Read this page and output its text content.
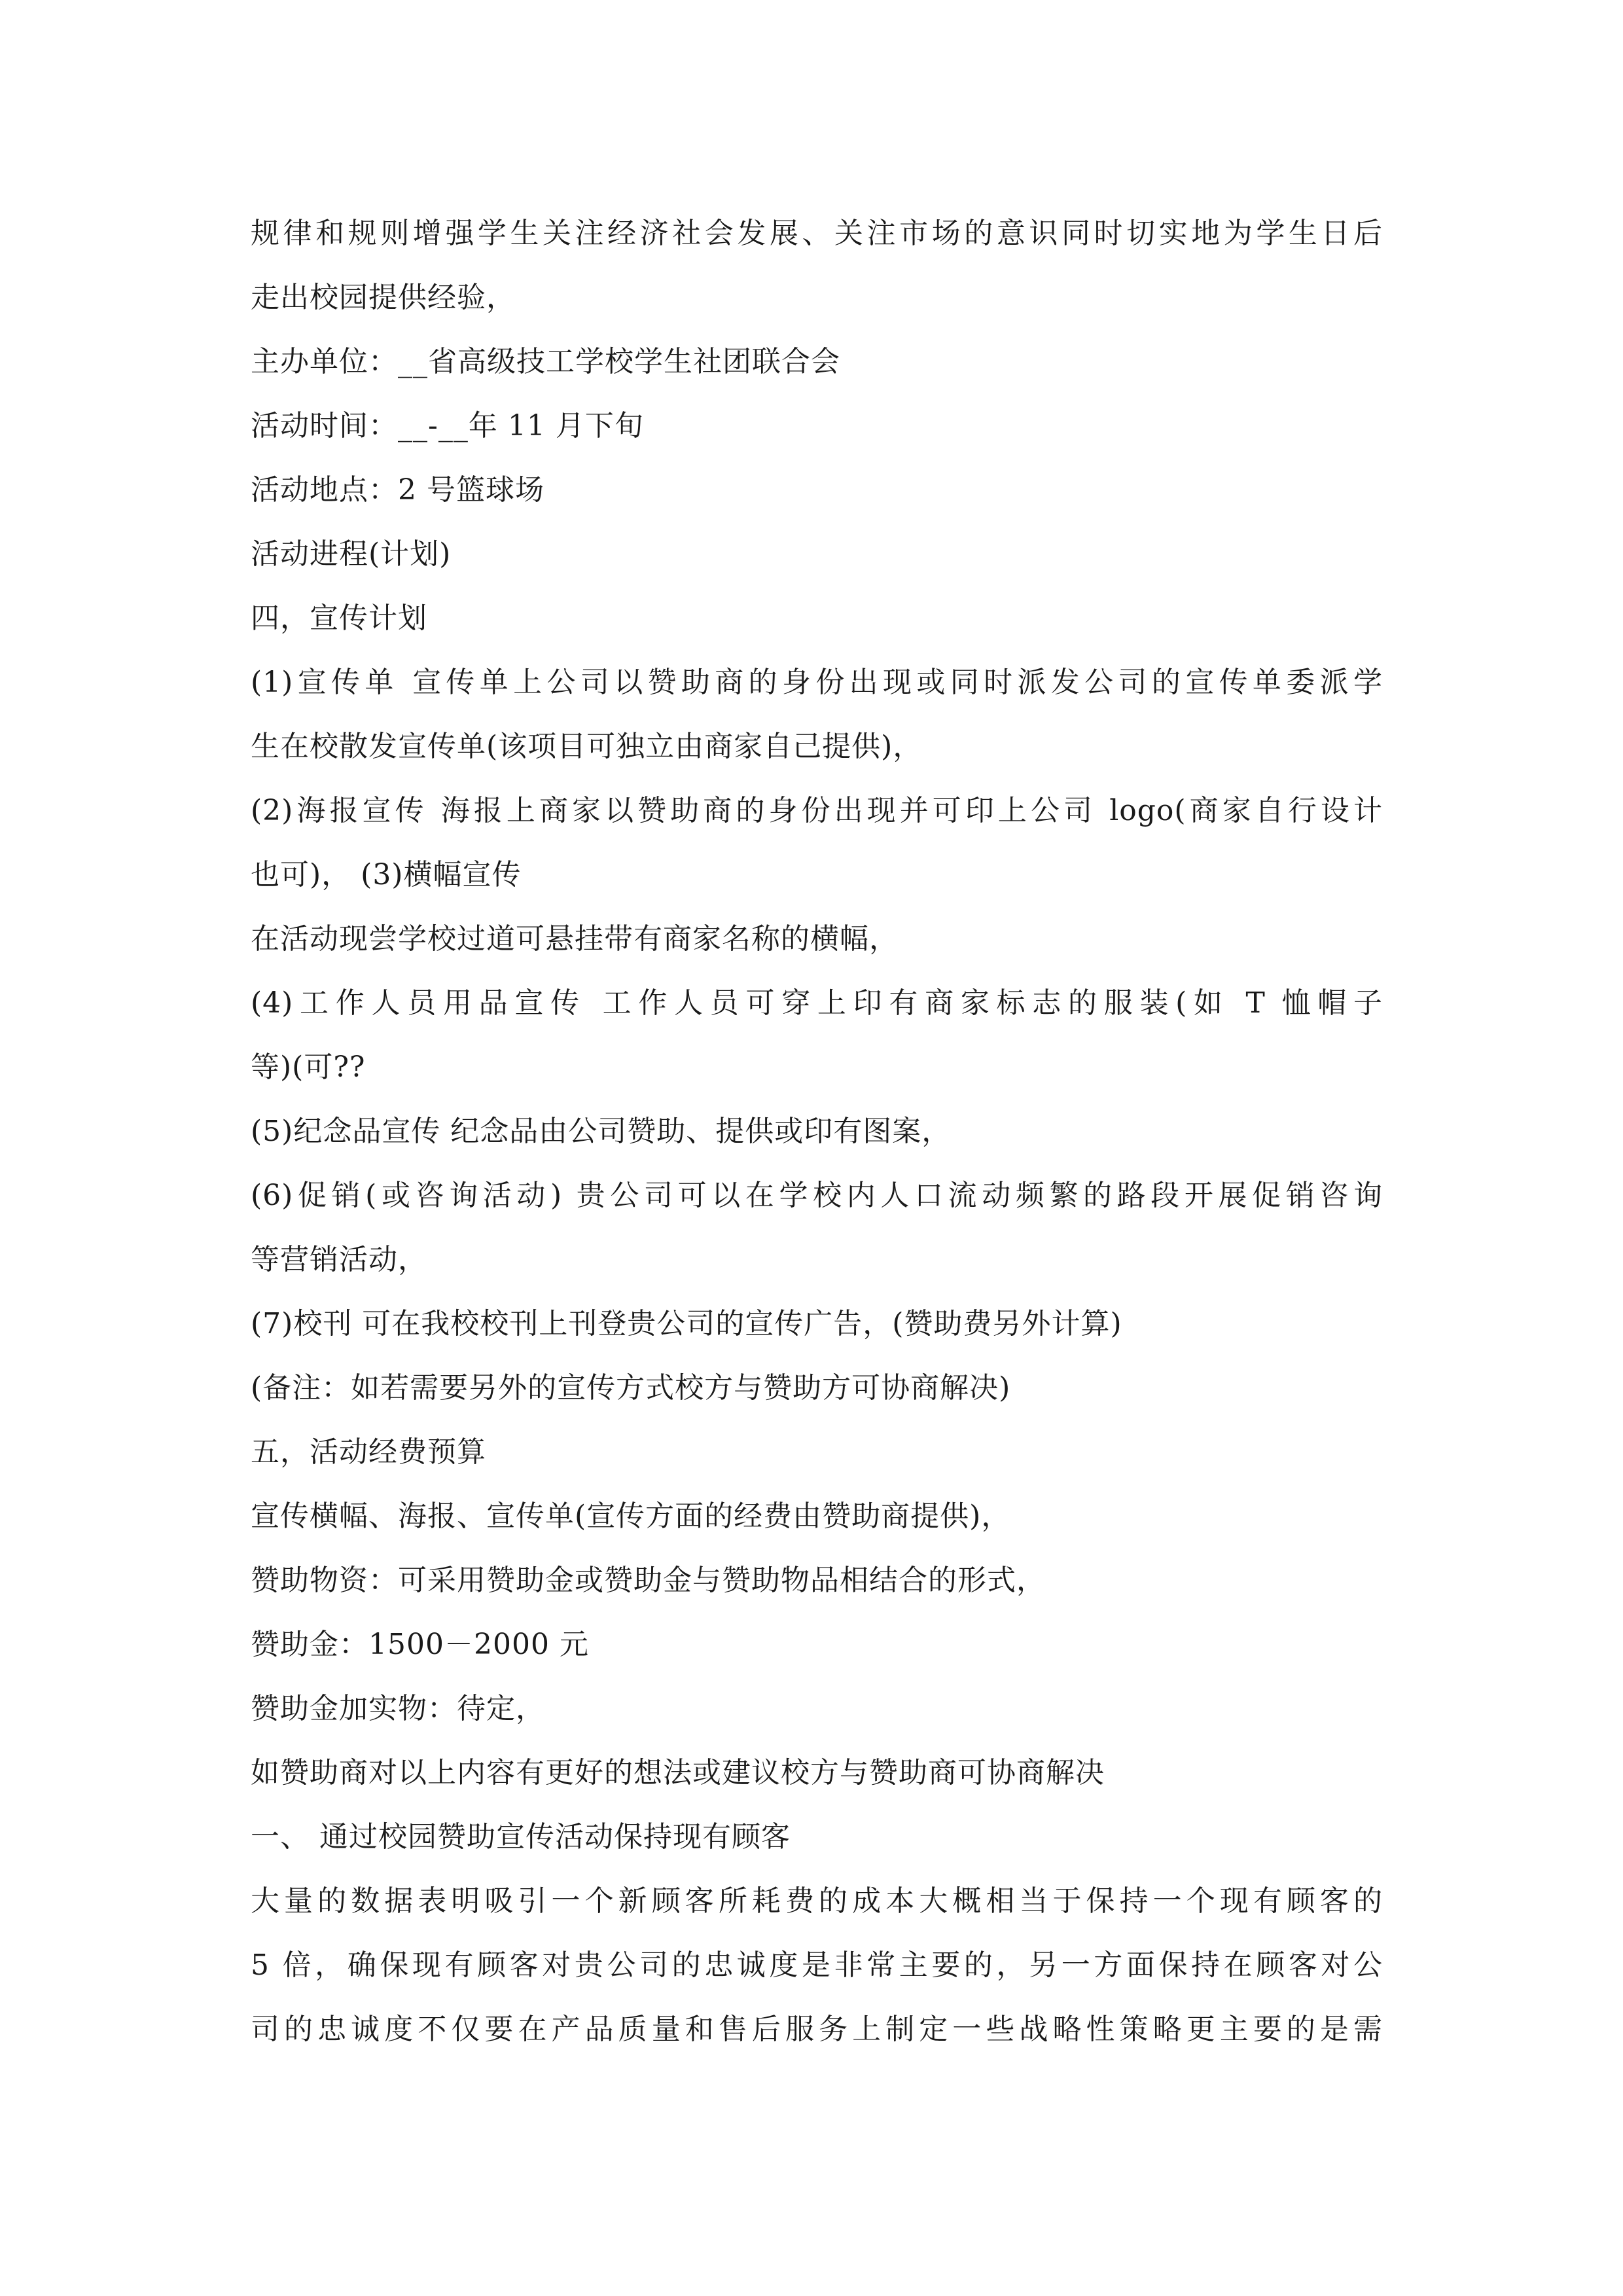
规律和规则增强学生关注经济社会发展、关注市场的意识同时切实地为学生日后
走出校园提供经验，
主办单位：__省高级技工学校学生社团联合会
活动时间：__-__年 11 月下旬
活动地点：2 号篮球场
活动进程(计划)
四，宣传计划
(1)宣传单 宣传单上公司以赞助商的身份出现或同时派发公司的宣传单委派学
生在校散发宣传单(该项目可独立由商家自己提供)，
(2)海报宣传 海报上商家以赞助商的身份出现并可印上公司 logo(商家自行设计
也可)， (3)横幅宣传
在活动现尝学校过道可悬挂带有商家名称的横幅，
(4)工作人员用品宣传 工作人员可穿上印有商家标志的服装(如 T 恤帽子
等)(可??
(5)纪念品宣传 纪念品由公司赞助、提供或印有图案，
(6)促销(或咨询活动) 贵公司可以在学校内人口流动频繁的路段开展促销咨询
等营销活动，
(7)校刊 可在我校校刊上刊登贵公司的宣传广告，(赞助费另外计算)
(备注：如若需要另外的宣传方式校方与赞助方可协商解决)
五，活动经费预算
宣传横幅、海报、宣传单(宣传方面的经费由赞助商提供)，
赞助物资：可采用赞助金或赞助金与赞助物品相结合的形式，
赞助金：1500－2000 元
赞助金加实物：待定，
如赞助商对以上内容有更好的想法或建议校方与赞助商可协商解决
一、 通过校园赞助宣传活动保持现有顾客
大量的数据表明吸引一个新顾客所耗费的成本大概相当于保持一个现有顾客的
5 倍，确保现有顾客对贵公司的忠诚度是非常主要的，另一方面保持在顾客对公
司的忠诚度不仅要在产品质量和售后服务上制定一些战略性策略更主要的是需
